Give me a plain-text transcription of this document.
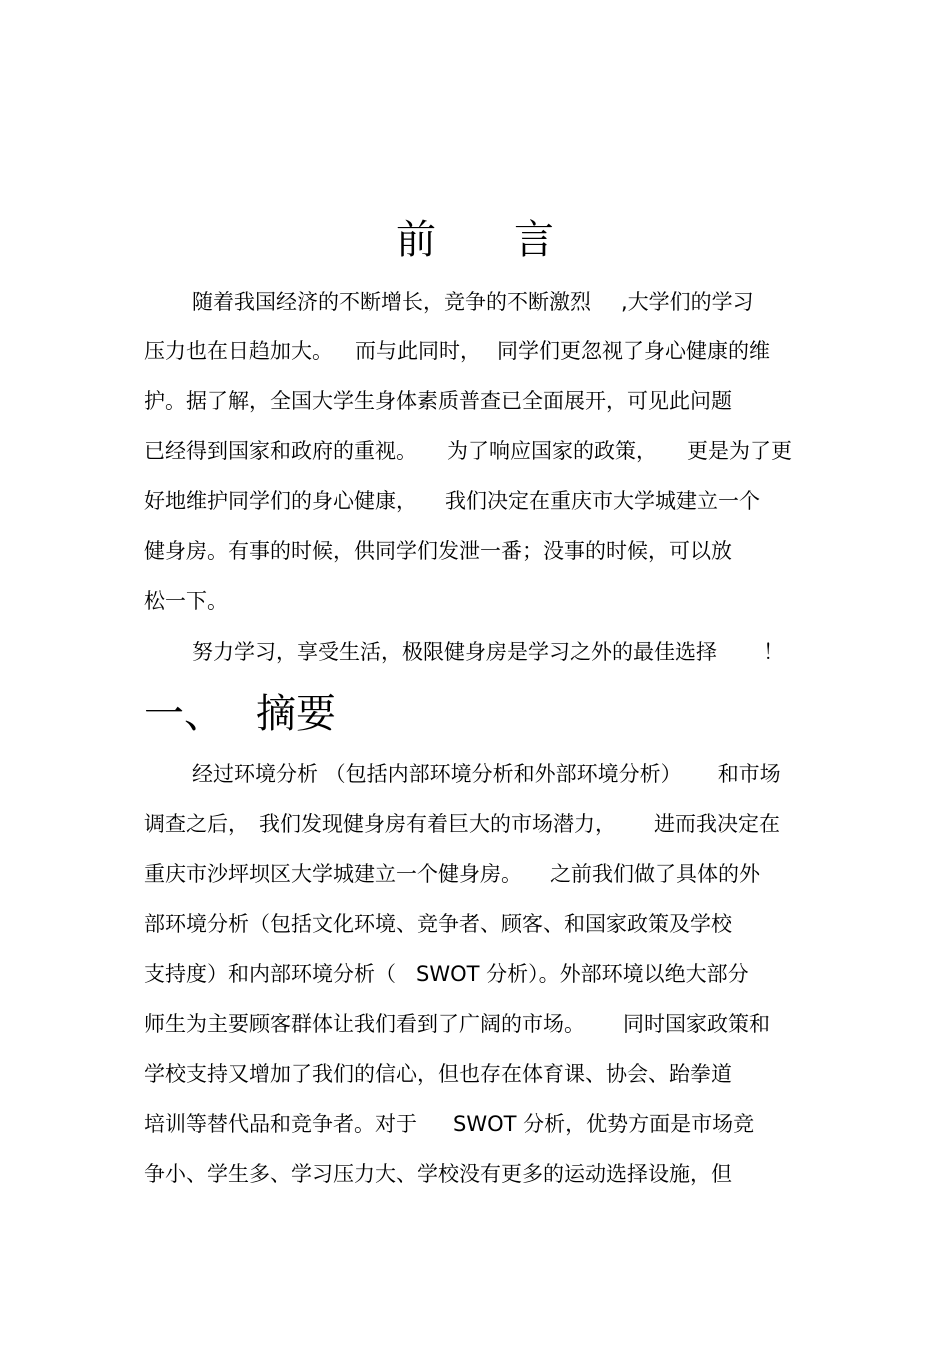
前 言
随着我国经济的不断增长，竞争的不断激烈 ,大学们的学习
压力也在日趋加大。 而与此同时， 同学们更忽视了身心健康的维
护。据了解，全国大学生身体素质普查已全面展开，可见此问题
已经得到国家和政府的重视。 为了响应国家的政策， 更是为了更
好地维护同学们的身心健康， 我们决定在重庆市大学城建立一个
健身房。有事的时候，供同学们发泄一番；没事的时候，可以放
松一下。
努力学习，享受生活，极限健身房是学习之外的最佳选择 ！
一、 摘要
经过环境分析 （包括内部环境分析和外部环境分析） 和市场
调查之后， 我们发现健身房有着巨大的市场潜力， 进而我决定在
重庆市沙坪坝区大学城建立一个健身房。 之前我们做了具体的外
部环境分析（包括文化环境、竞争者、顾客、和国家政策及学校
支持度）和内部环境分析（ SWOT 分析）。外部环境以绝大部分
师生为主要顾客群体让我们看到了广阔的市场。 同时国家政策和
学校支持又增加了我们的信心，但也存在体育课、协会、跆拳道
培训等替代品和竞争者。对于 SWOT 分析，优势方面是市场竞
争小、学生多、学习压力大、学校没有更多的运动选择设施，但
